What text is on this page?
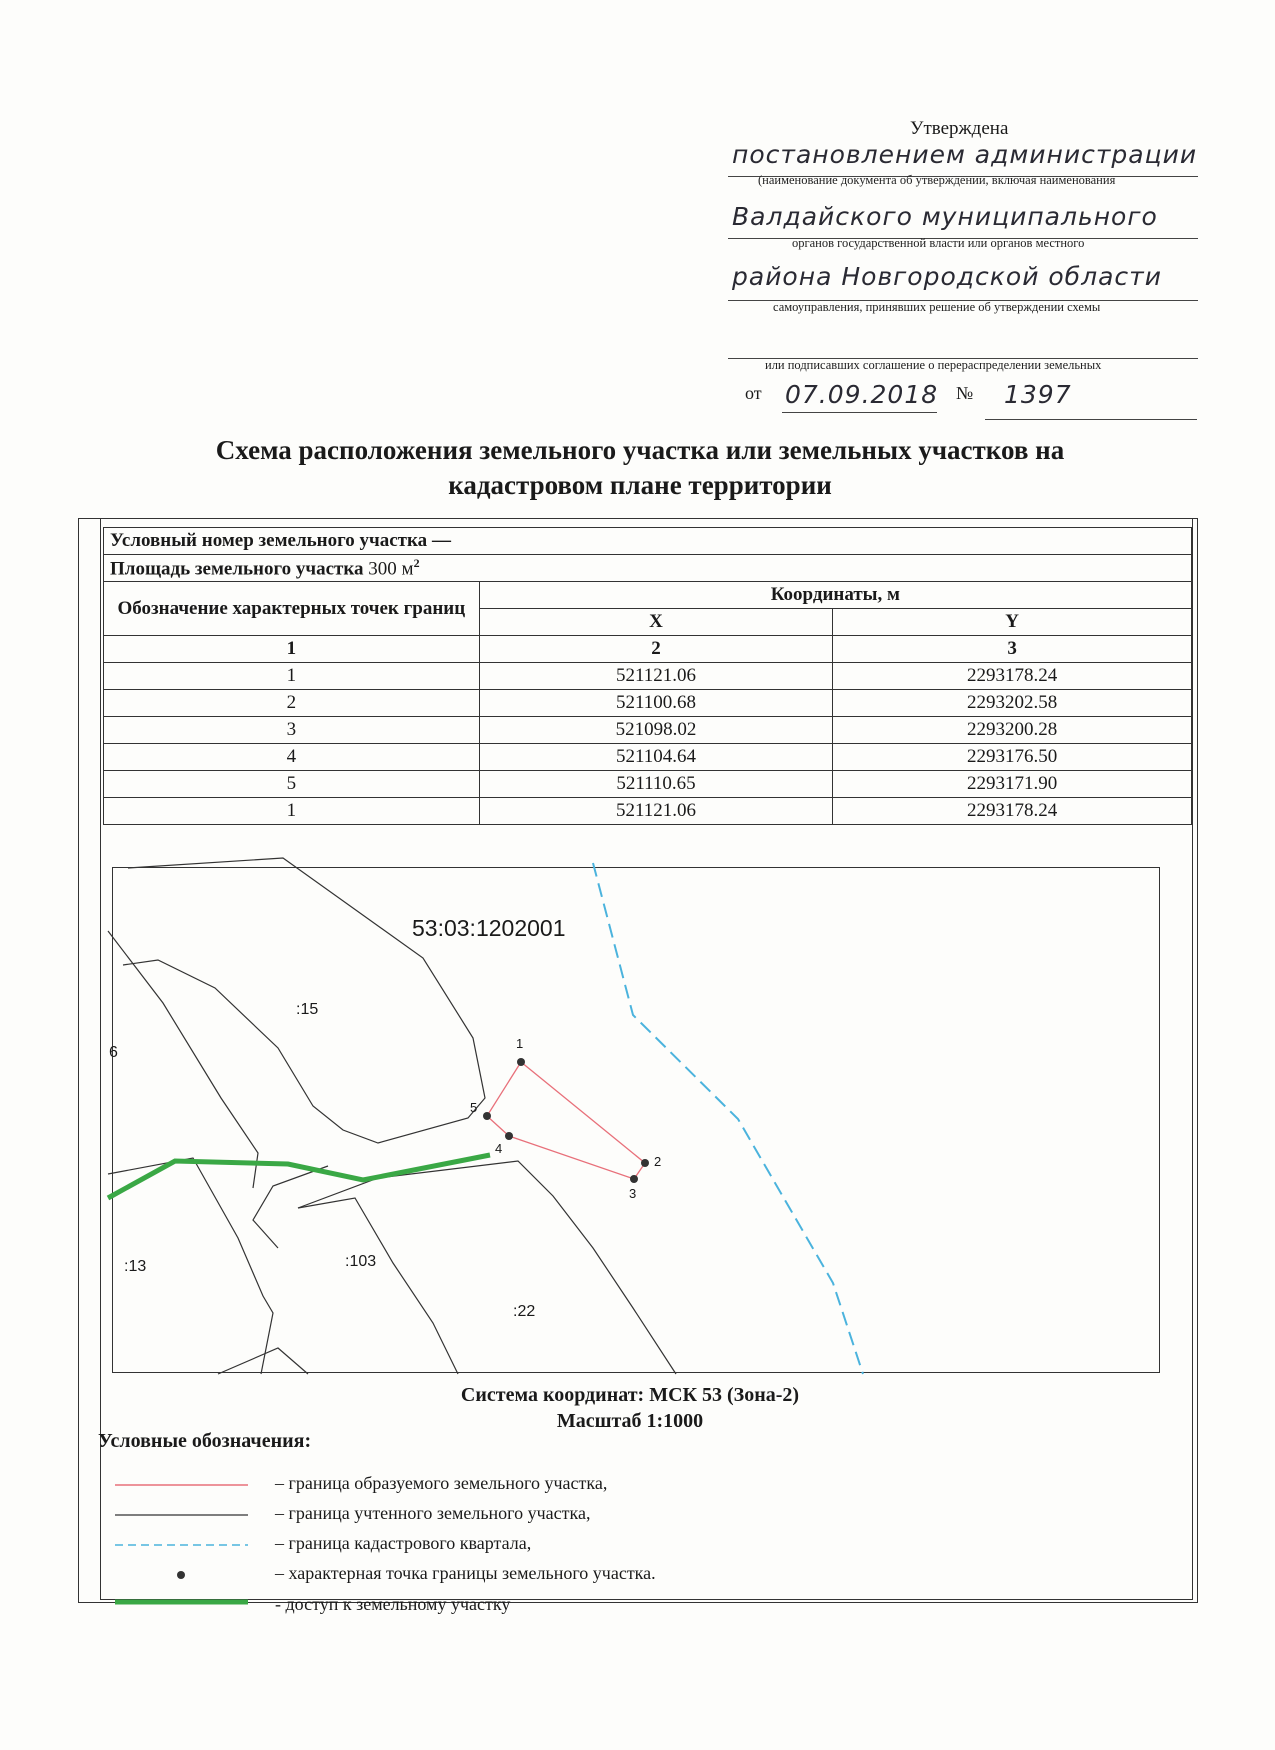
Утверждена
постановлением администрации
(наименование документа об утверждении, включая наименования
Валдайского муниципального
органов государственной власти или органов местного
района Новгородской области
самоуправления, принявших решение об утверждении схемы
или подписавших соглашение о перераспределении земельных
от 07.09.2018 № 1397
Схема расположения земельного участка или земельных участков на
кадастровом плане территории
Условный номер земельного участка —		
Площадь земельного участка 300 $м^2$
Обозначение характерных точек границ	Координаты, м	
	X	Y
1	2	3
1	521121.06	2293178.24
2	521100.68	2293202.58
3	521098.02	2293200.28
4	521104.64	2293176.50
5	521110.65	2293171.90
1	521121.06	2293178.24
:15
6
:13	:103
:22
1
2
3
4
5
53:03:1202001
Система координат: МСК 53 (Зона-2)
Масштаб 1:1000
Условные обозначения:
– граница образуемого земельного участка,
– граница учтенного земельного участка,
– граница кадастрового квартала,
– характерная точка границы земельного участка.
- доступ к земельному участку
